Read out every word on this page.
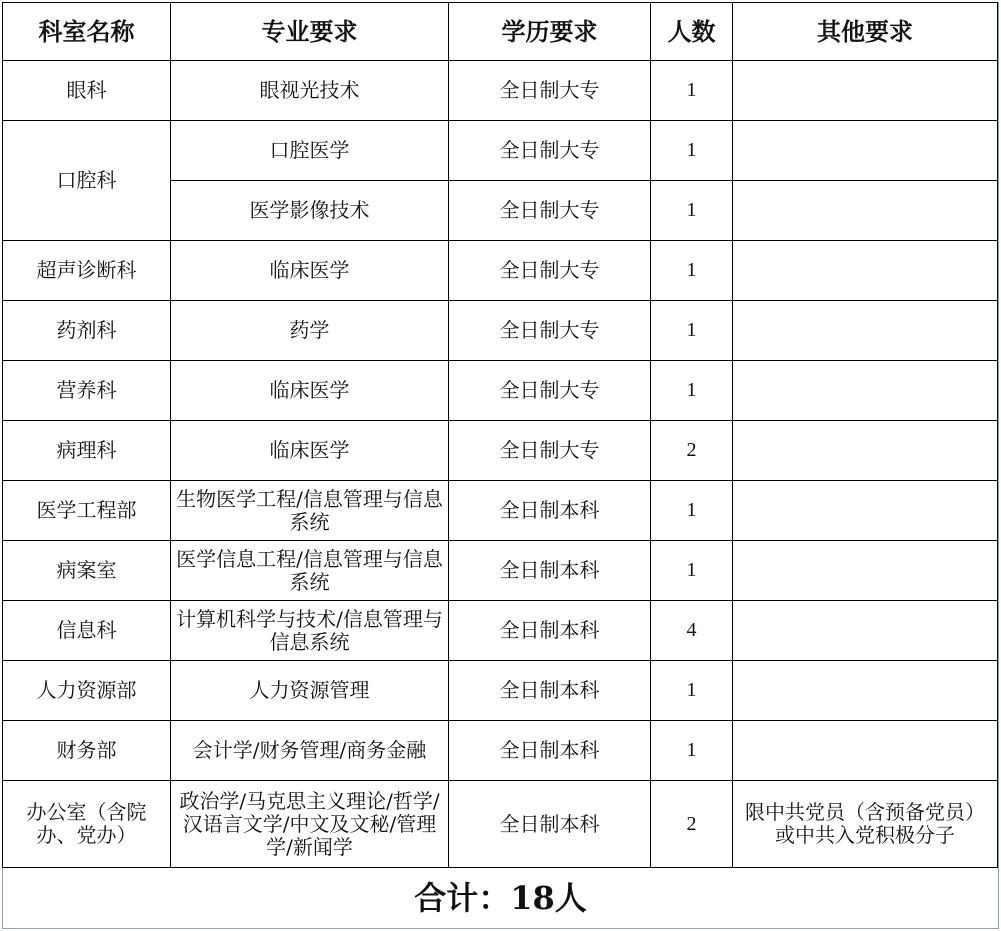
科室名称	专业要求	学历要求	人数	其他要求
眼科	眼视光技术	全日制大专	1	
口腔科	口腔医学	全日制大专	1	
	医学影像技术	全日制大专	1	
超声诊断科	临床医学	全日制大专	1	
药剂科	药学	全日制大专	1	
营养科	临床医学	全日制大专	1	
病理科	临床医学	全日制大专	2	
医学工程部	生物医学工程/信息管理与信息系统	全日制本科	1	
病案室	医学信息工程/信息管理与信息系统	全日制本科	1	
信息科	计算机科学与技术/信息管理与信息系统	全日制本科	4	
人力资源部	人力资源管理	全日制本科	1	
财务部	会计学/财务管理/商务金融	全日制本科	1	
办公室（含院办、党办）	政治学/马克思主义理论/哲学/汉语言文学/中文及文秘/管理学/新闻学	全日制本科	2	限中共党员（含预备党员）或中共入党积极分子
合计：18人
